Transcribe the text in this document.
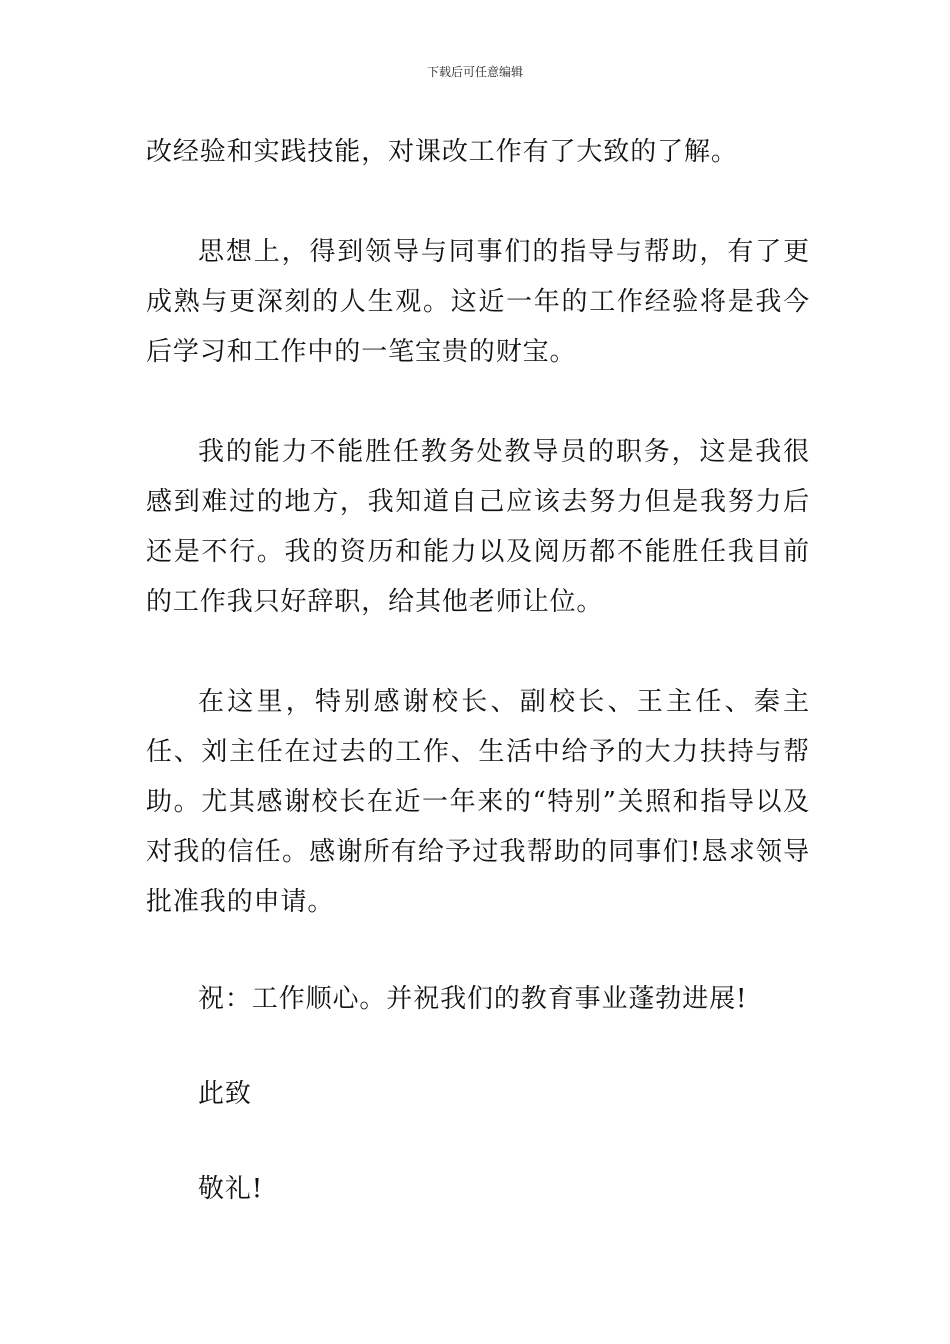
下载后可任意编辑

改经验和实践技能，对课改工作有了大致的了解。

思想上，得到领导与同事们的指导与帮助，有了更成熟与更深刻的人生观。这近一年的工作经验将是我今后学习和工作中的一笔宝贵的财宝。

我的能力不能胜任教务处教导员的职务，这是我很感到难过的地方，我知道自己应该去努力但是我努力后还是不行。我的资历和能力以及阅历都不能胜任我目前的工作我只好辞职，给其他老师让位。

在这里，特别感谢校长、副校长、王主任、秦主任、刘主任在过去的工作、生活中给予的大力扶持与帮助。尤其感谢校长在近一年来的“特别”关照和指导以及对我的信任。感谢所有给予过我帮助的同事们!恳求领导批准我的申请。

祝：工作顺心。并祝我们的教育事业蓬勃进展!

此致

敬礼!
